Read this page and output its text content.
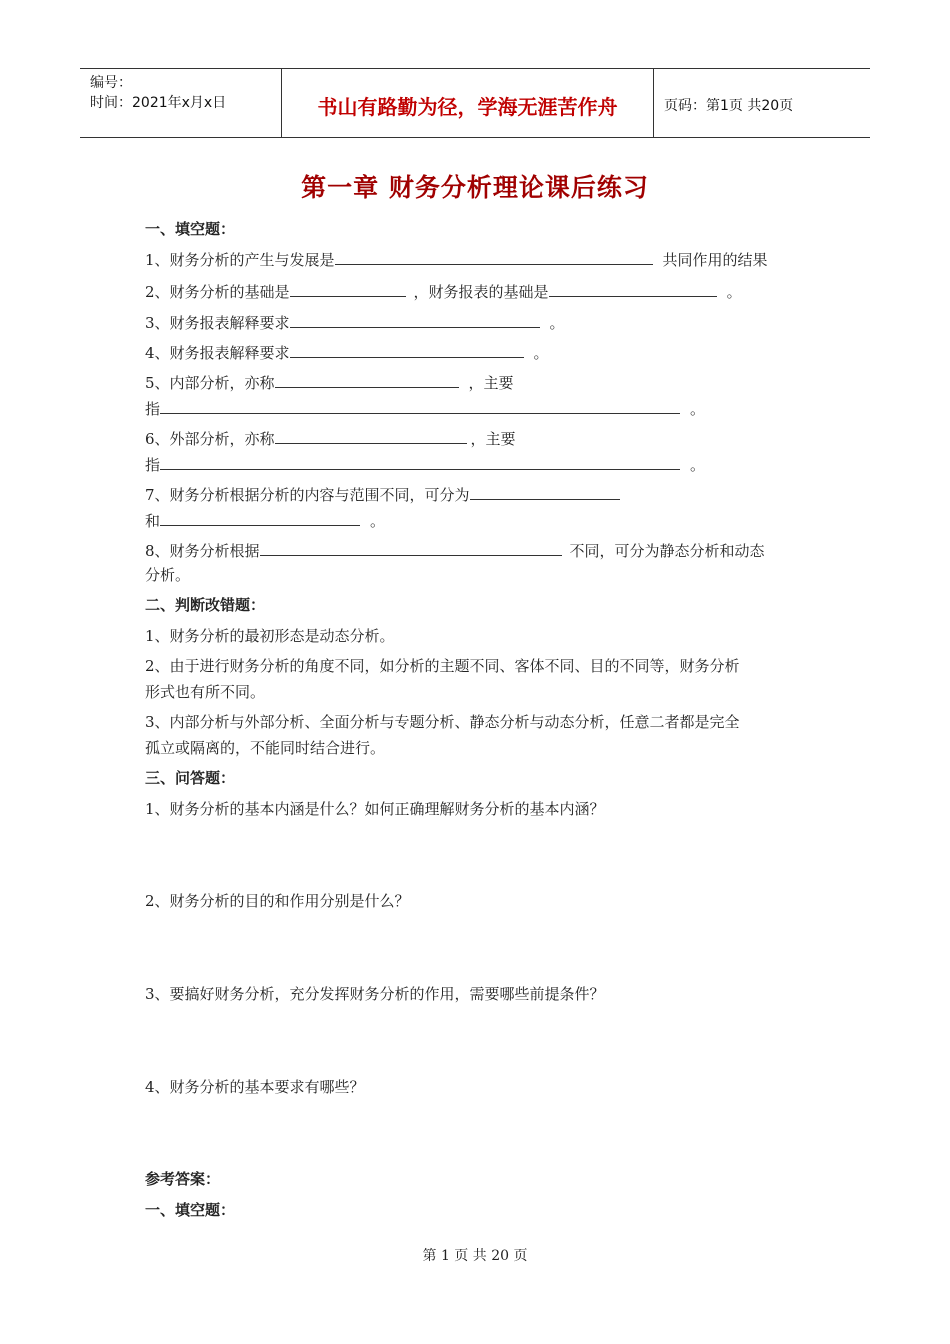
编号：
时间：2021年x月x日	书山有路勤为径，学海无涯苦作舟	页码：第1页 共20页
第一章 财务分析理论课后练习
一、填空题：
1、财务分析的产生与发展是	共同作用的结果
2、财务分析的基础是	，财务报表的基础是	。
3、财务报表解释要求	。
4、财务报表解释要求	。
5、内部分析，亦称	，主要
指	。
6、外部分析，亦称	，主要
指	。
7、财务分析根据分析的内容与范围不同，可分为
和	。
8、财务分析根据	不同，可分为静态分析和动态
分析。
二、判断改错题：
1、财务分析的最初形态是动态分析。
2、由于进行财务分析的角度不同，如分析的主题不同、客体不同、目的不同等，财务分析
形式也有所不同。
3、内部分析与外部分析、全面分析与专题分析、静态分析与动态分析，任意二者都是完全
孤立或隔离的，不能同时结合进行。
三、问答题：
1、财务分析的基本内涵是什么？如何正确理解财务分析的基本内涵？
2、财务分析的目的和作用分别是什么？
3、要搞好财务分析，充分发挥财务分析的作用，需要哪些前提条件？
4、财务分析的基本要求有哪些？
参考答案：
一、填空题：
第 1 页 共 20 页
